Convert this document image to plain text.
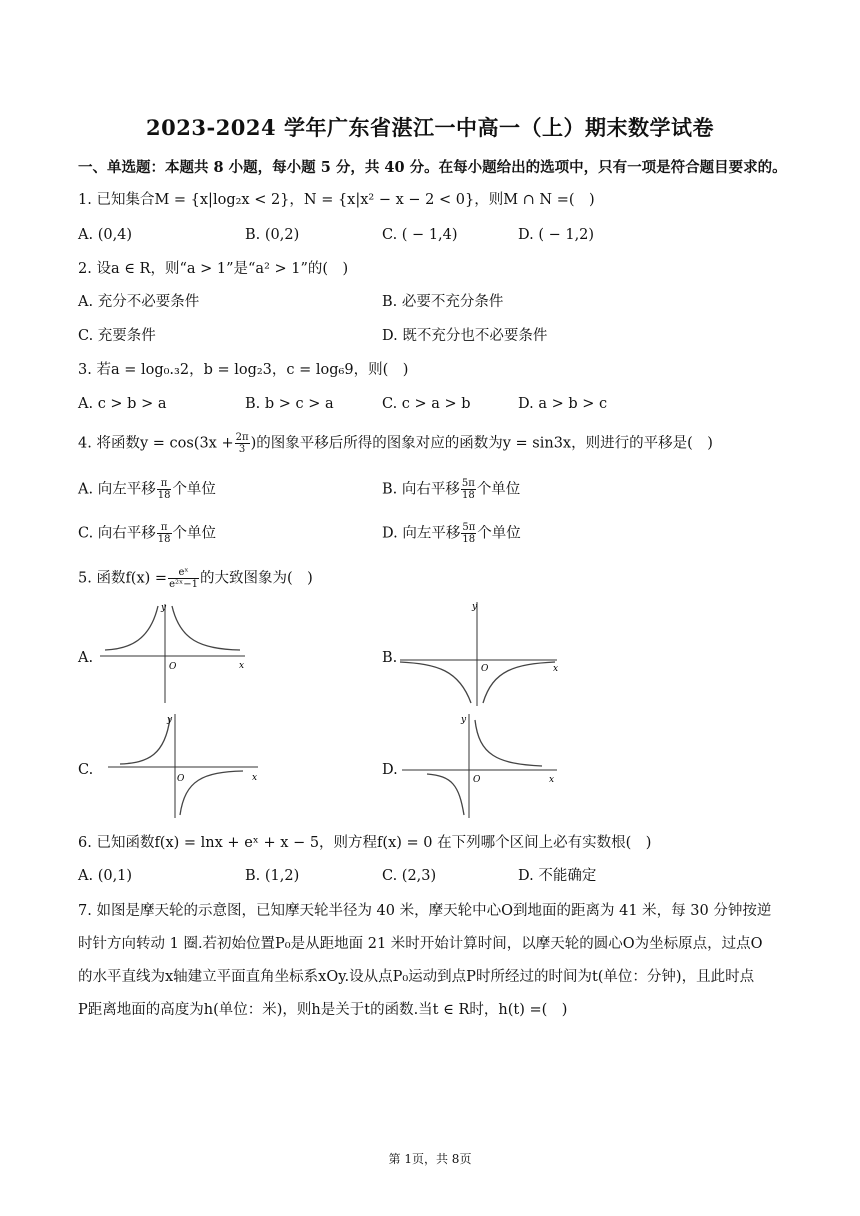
2023-2024 学年广东省湛江一中高一（上）期末数学试卷
一、单选题：本题共 8 小题，每小题 5 分，共 40 分。在每小题给出的选项中，只有一项是符合题目要求的。
1. 已知集合M = {x|log₂x < 2}，N = {x|x² − x − 2 < 0}，则M ∩ N =(　)
A. (0,4)	B. (0,2)	C. ( − 1,4)	D. ( − 1,2)
2. 设a ∈ R，则“a > 1”是“a² > 1”的(　)
A. 充分不必要条件	B. 必要不充分条件
C. 充要条件	D. 既不充分也不必要条件
3. 若a = log₀.₃2，b = log₂3，c = log₆9，则(　)
A. c > b > a	B. b > c > a	C. c > a > b	D. a > b > c
4. 将函数$y = \cos(3x + \frac{2\pi}{3}$ )的图象平移后所得的图象对应的函数为y = sin3x，则进行的平移是(　)
A. 向左平移 $\frac{\pi}{18}$ 个单位	B. 向右平移 $\frac{5\pi}{18}$ 个单位
C. 向右平移 $\frac{\pi}{18}$ 个单位	D. 向左平移 $\frac{5\pi}{18}$ 个单位
5. 函数$f(x) = \frac{\text{eˣ}}{\text{e²ˣ−1}}$ 的大致图象为(　)
A.	B.
C.	D.
y
x
O
y
x
O
y
x
O
y
x
O
6. 已知函数f(x) = lnx + eˣ + x − 5，则方程f(x) = 0 在下列哪个区间上必有实数根(　)
A. (0,1)	B. (1,2)	C. (2,3)	D. 不能确定
7. 如图是摩天轮的示意图，已知摩天轮半径为 40 米，摩天轮中心O到地面的距离为 41 米，每 30 分钟按逆
时针方向转动 1 圈.若初始位置P₀是从距地面 21 米时开始计算时间，以摩天轮的圆心O为坐标原点，过点O
的水平直线为x轴建立平面直角坐标系xOy.设从点P₀运动到点P时所经过的时间为t(单位：分钟)，且此时点
P距离地面的高度为h(单位：米)，则h是关于t的函数.当t ∈ R时，h(t) =(　)
第 1页，共 8页
